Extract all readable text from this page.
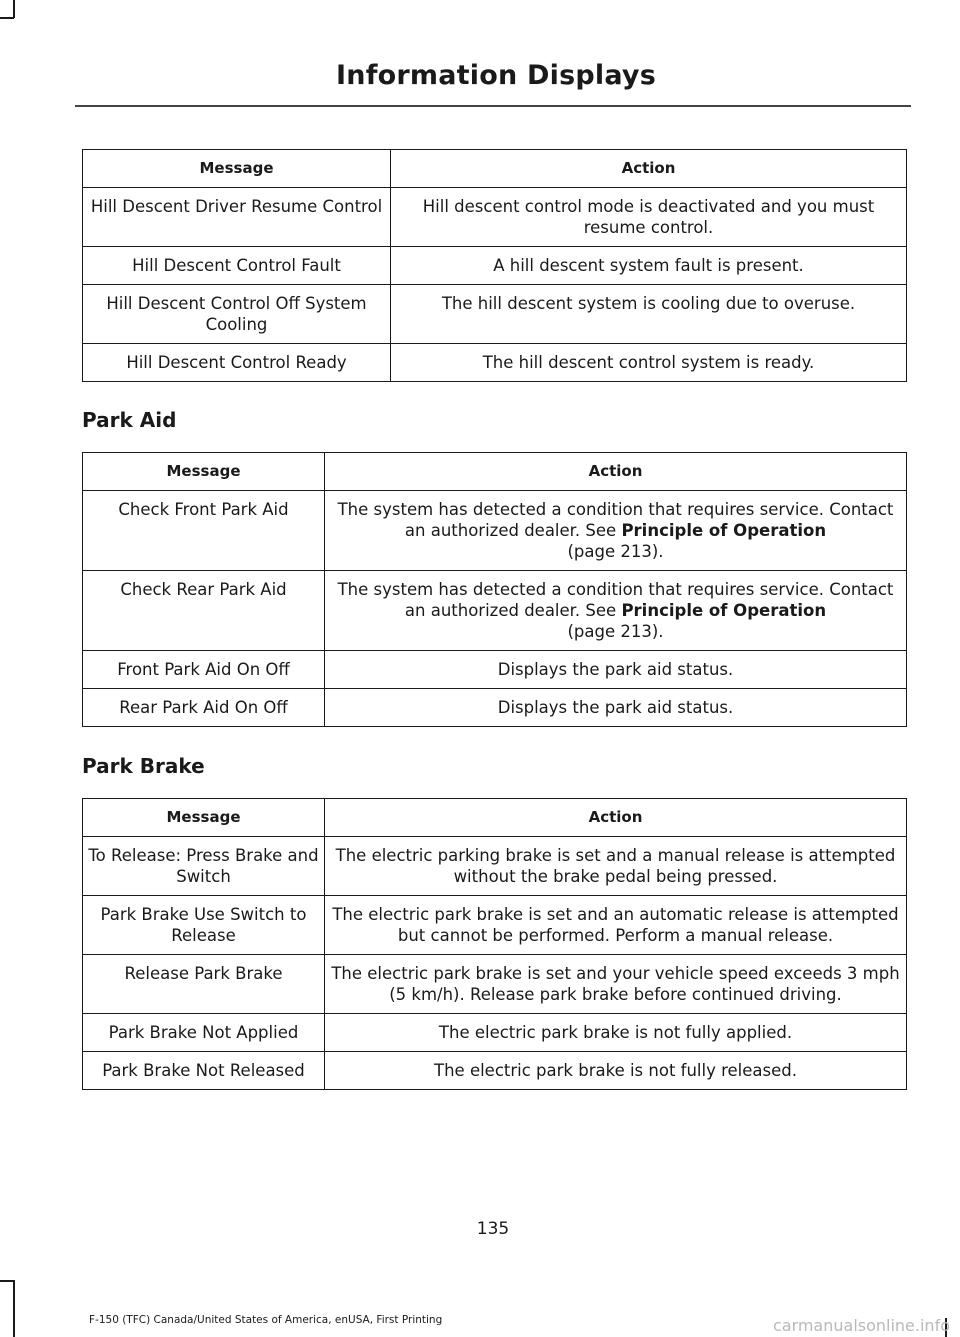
Information Displays
Message	Action
Hill Descent Driver Resume Control	Hill descent control mode is deactivated and you must resume control.
Hill Descent Control Fault	A hill descent system fault is present.
Hill Descent Control Off System Cooling	The hill descent system is cooling due to overuse.
Hill Descent Control Ready	The hill descent control system is ready.
Park Aid
Message	Action
Check Front Park Aid	The system has detected a condition that requires service. Contact an authorized dealer. See Principle of Operation
(page 213).
Check Rear Park Aid	The system has detected a condition that requires service. Contact an authorized dealer. See Principle of Operation
(page 213).
Front Park Aid On Off	Displays the park aid status.
Rear Park Aid On Off	Displays the park aid status.
Park Brake
Message	Action
To Release: Press Brake and Switch	The electric parking brake is set and a manual release is attempted without the brake pedal being pressed.
Park Brake Use Switch to Release	The electric park brake is set and an automatic release is attempted but cannot be performed. Perform a manual release.
Release Park Brake	The electric park brake is set and your vehicle speed exceeds 3 mph (5 km/h). Release park brake before continued driving.
Park Brake Not Applied	The electric park brake is not fully applied.
Park Brake Not Released	The electric park brake is not fully released.
135
F-150 (TFC) Canada/United States of America, enUSA, First Printing	carmanualsonline.info
